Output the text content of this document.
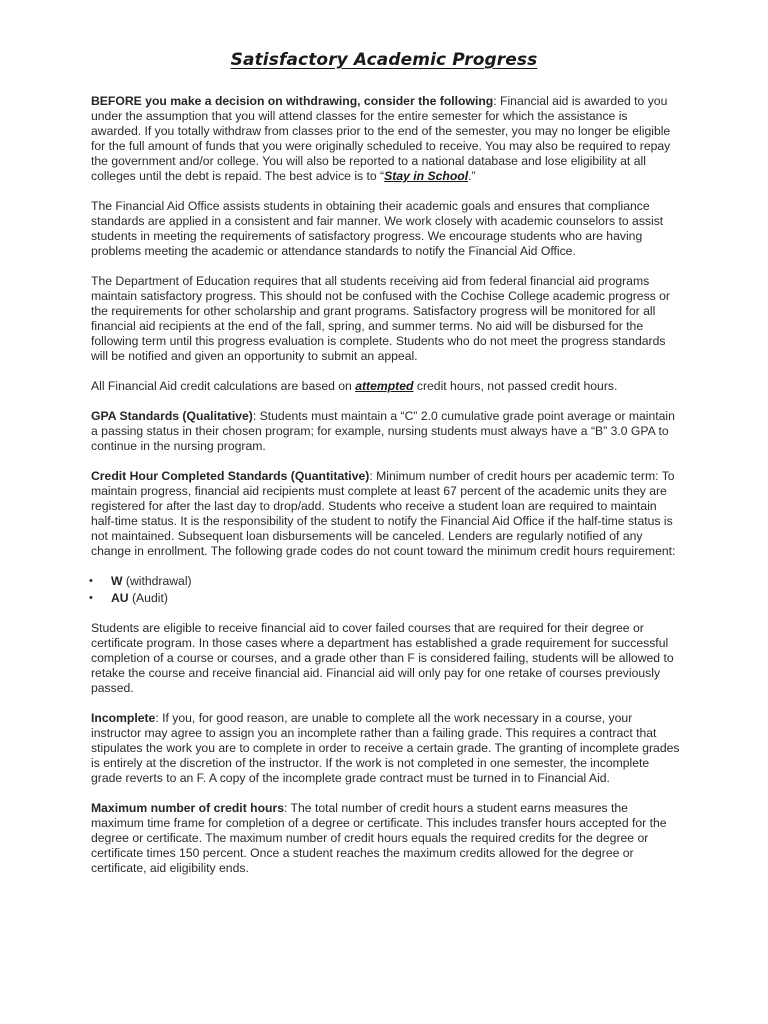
Satisfactory Academic Progress

BEFORE you make a decision on withdrawing, consider the following: Financial aid is awarded to you under the assumption that you will attend classes for the entire semester for which the assistance is awarded. If you totally withdraw from classes prior to the end of the semester, you may no longer be eligible for the full amount of funds that you were originally scheduled to receive. You may also be required to repay the government and/or college. You will also be reported to a national database and lose eligibility at all colleges until the debt is repaid. The best advice is to “Stay in School.”

The Financial Aid Office assists students in obtaining their academic goals and ensures that compliance standards are applied in a consistent and fair manner. We work closely with academic counselors to assist students in meeting the requirements of satisfactory progress. We encourage students who are having problems meeting the academic or attendance standards to notify the Financial Aid Office.

The Department of Education requires that all students receiving aid from federal financial aid programs maintain satisfactory progress. This should not be confused with the Cochise College academic progress or the requirements for other scholarship and grant programs. Satisfactory progress will be monitored for all financial aid recipients at the end of the fall, spring, and summer terms. No aid will be disbursed for the following term until this progress evaluation is complete. Students who do not meet the progress standards will be notified and given an opportunity to submit an appeal.

All Financial Aid credit calculations are based on attempted credit hours, not passed credit hours.

GPA Standards (Qualitative): Students must maintain a “C” 2.0 cumulative grade point average or maintain a passing status in their chosen program; for example, nursing students must always have a “B” 3.0 GPA to continue in the nursing program.

Credit Hour Completed Standards (Quantitative): Minimum number of credit hours per academic term: To maintain progress, financial aid recipients must complete at least 67 percent of the academic units they are registered for after the last day to drop/add. Students who receive a student loan are required to maintain half-time status. It is the responsibility of the student to notify the Financial Aid Office if the half-time status is not maintained. Subsequent loan disbursements will be canceled. Lenders are regularly notified of any change in enrollment. The following grade codes do not count toward the minimum credit hours requirement:

• W (withdrawal)
• AU (Audit)

Students are eligible to receive financial aid to cover failed courses that are required for their degree or certificate program. In those cases where a department has established a grade requirement for successful completion of a course or courses, and a grade other than F is considered failing, students will be allowed to retake the course and receive financial aid. Financial aid will only pay for one retake of courses previously passed.

Incomplete: If you, for good reason, are unable to complete all the work necessary in a course, your instructor may agree to assign you an incomplete rather than a failing grade. This requires a contract that stipulates the work you are to complete in order to receive a certain grade. The granting of incomplete grades is entirely at the discretion of the instructor. If the work is not completed in one semester, the incomplete grade reverts to an F. A copy of the incomplete grade contract must be turned in to Financial Aid.

Maximum number of credit hours: The total number of credit hours a student earns measures the maximum time frame for completion of a degree or certificate. This includes transfer hours accepted for the degree or certificate. The maximum number of credit hours equals the required credits for the degree or certificate times 150 percent. Once a student reaches the maximum credits allowed for the degree or certificate, aid eligibility ends.
